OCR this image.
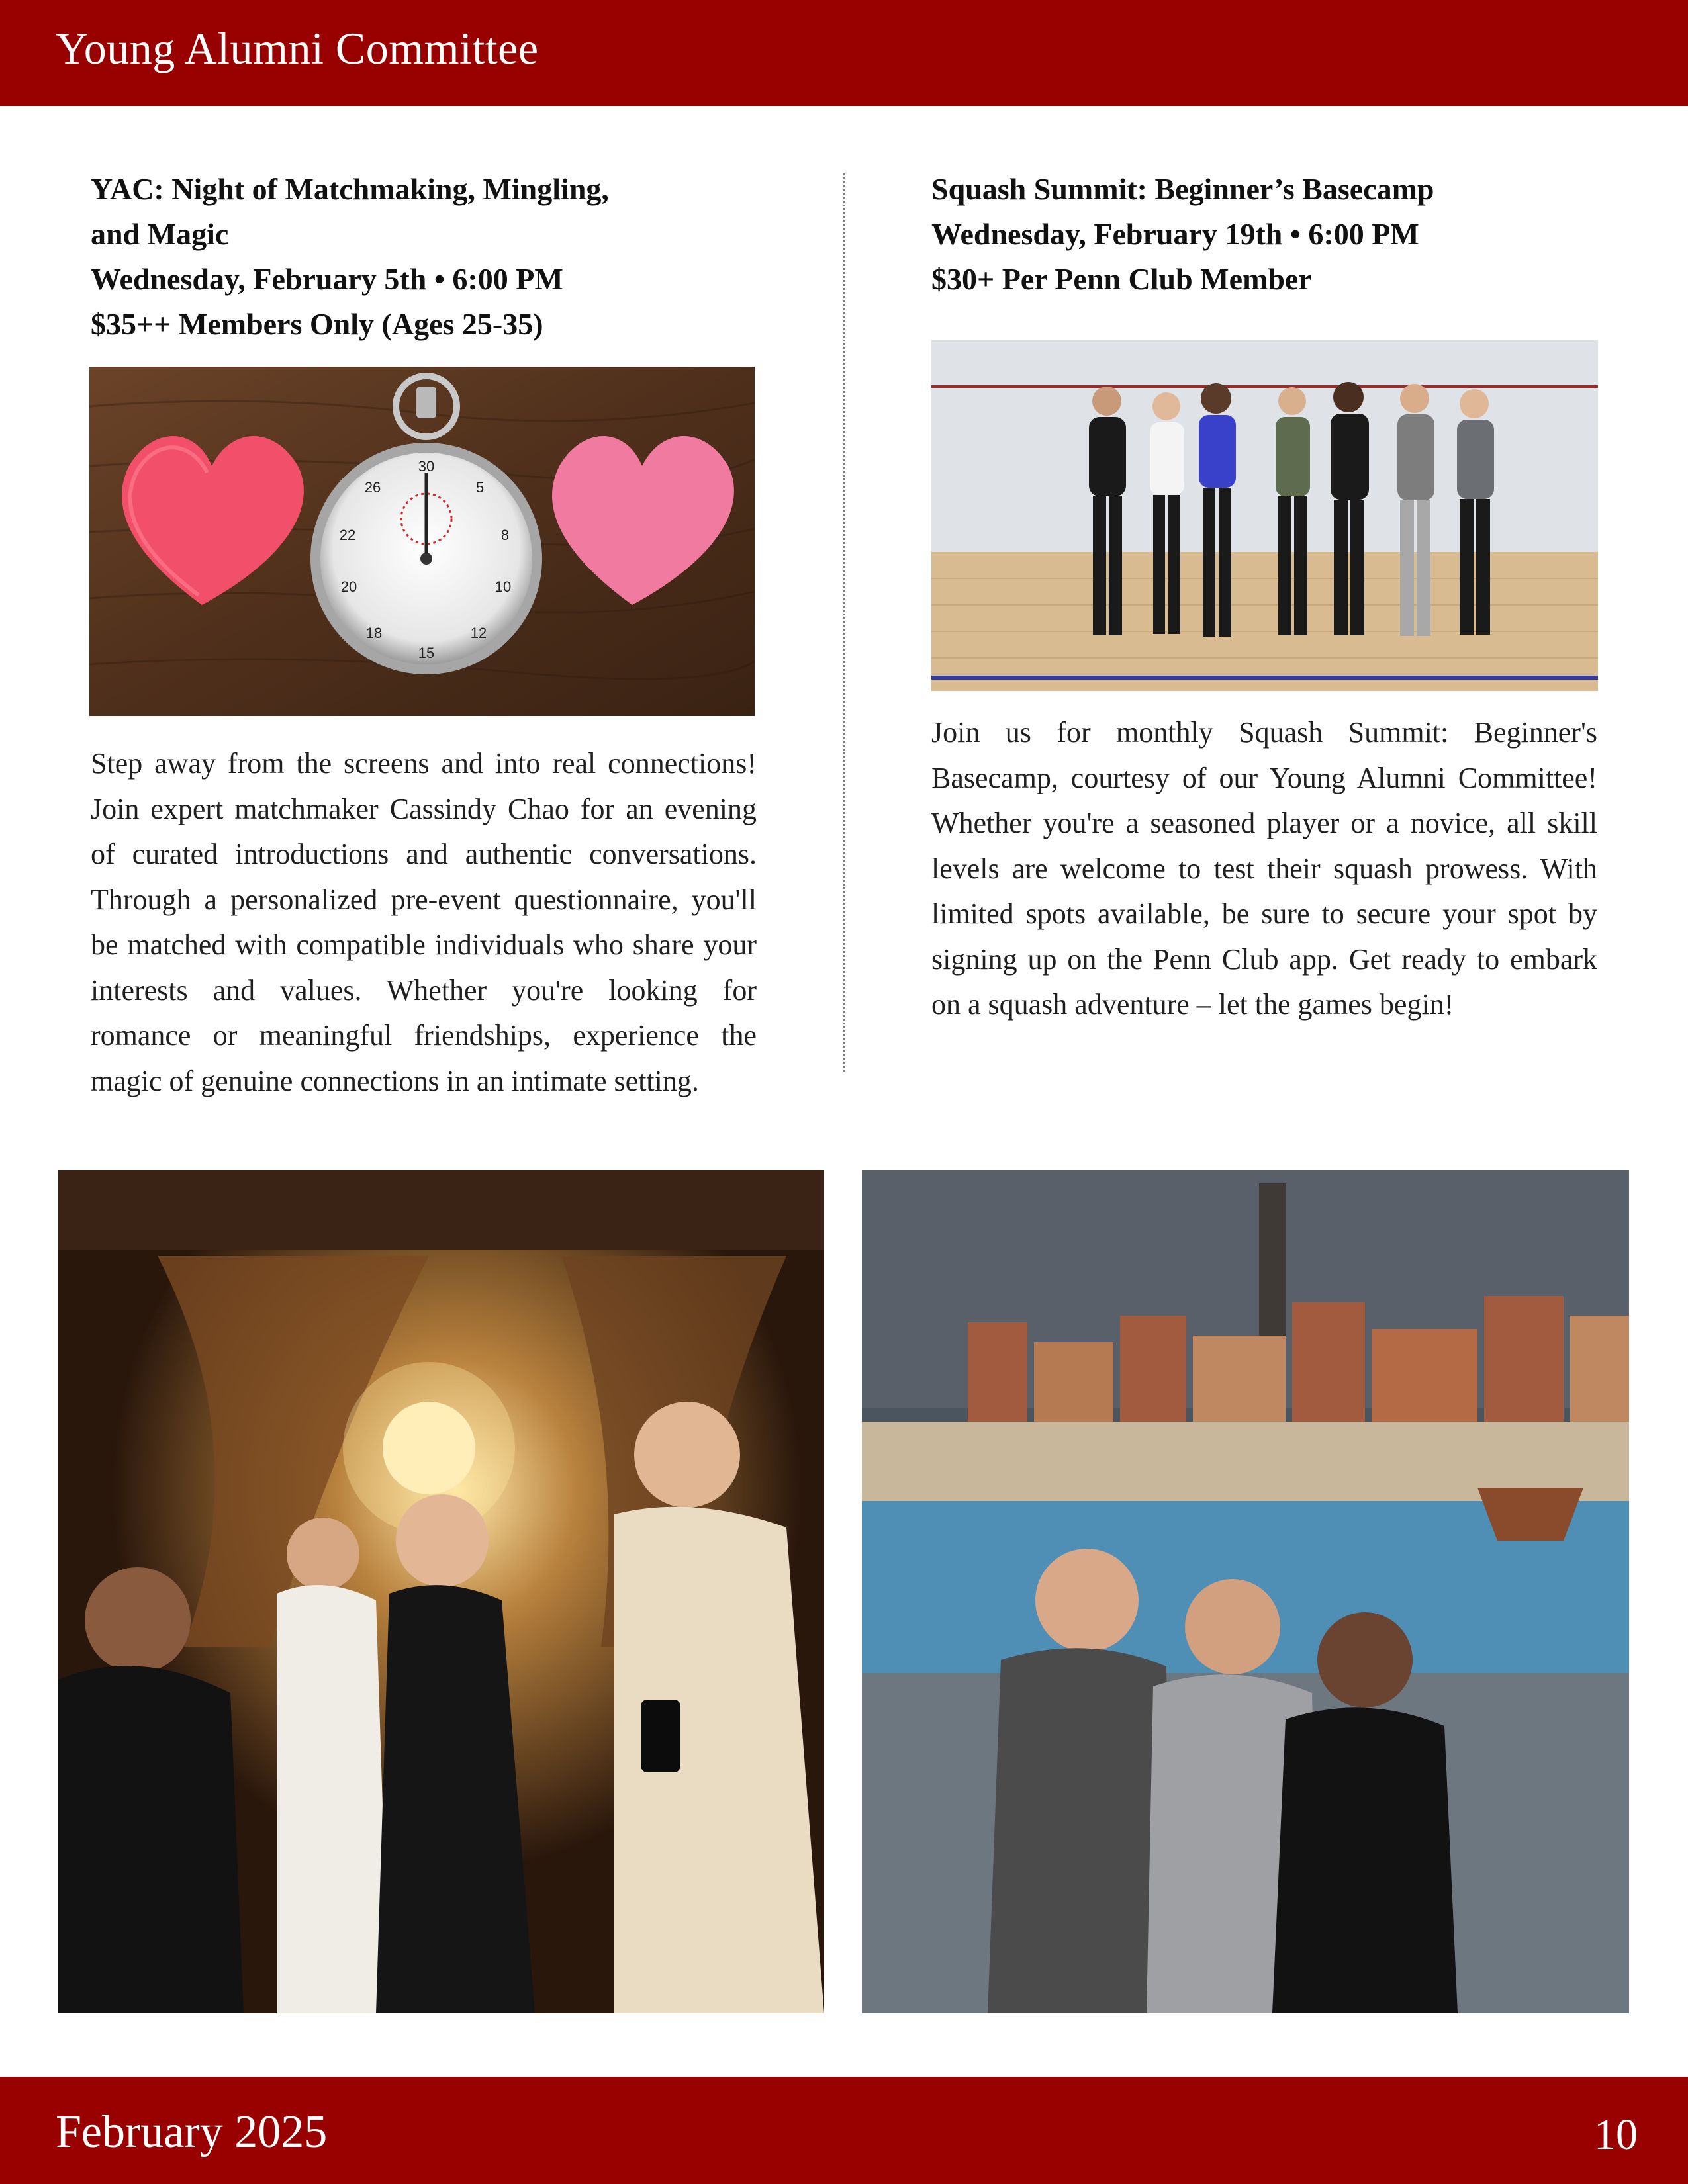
Young Alumni Committee
YAC: Night of Matchmaking, Mingling,
and Magic
Wednesday, February 5th • 6:00 PM
$35++ Members Only (Ages 25-35)
30
5
8
10
12
15
18
20
22
26
Step away from the screens and into real connections! Join expert matchmaker Cassindy Chao for an evening of curated introductions and authentic conversations. Through a personalized pre-event questionnaire, you'll be matched with compatible individuals who share your interests and values. Whether you're looking for romance or meaningful friendships, experience the magic of genuine connections in an intimate setting.
Squash Summit: Beginner’s Basecamp
Wednesday, February 19th • 6:00 PM
$30+ Per Penn Club Member
Join us for monthly Squash Summit: Beginner's Basecamp, courtesy of our Young Alumni Committee! Whether you're a seasoned player or a novice, all skill levels are welcome to test their squash prowess. With limited spots available, be sure to secure your spot by signing up on the Penn Club app. Get ready to embark on a squash adventure – let the games begin!
February 2025	10
